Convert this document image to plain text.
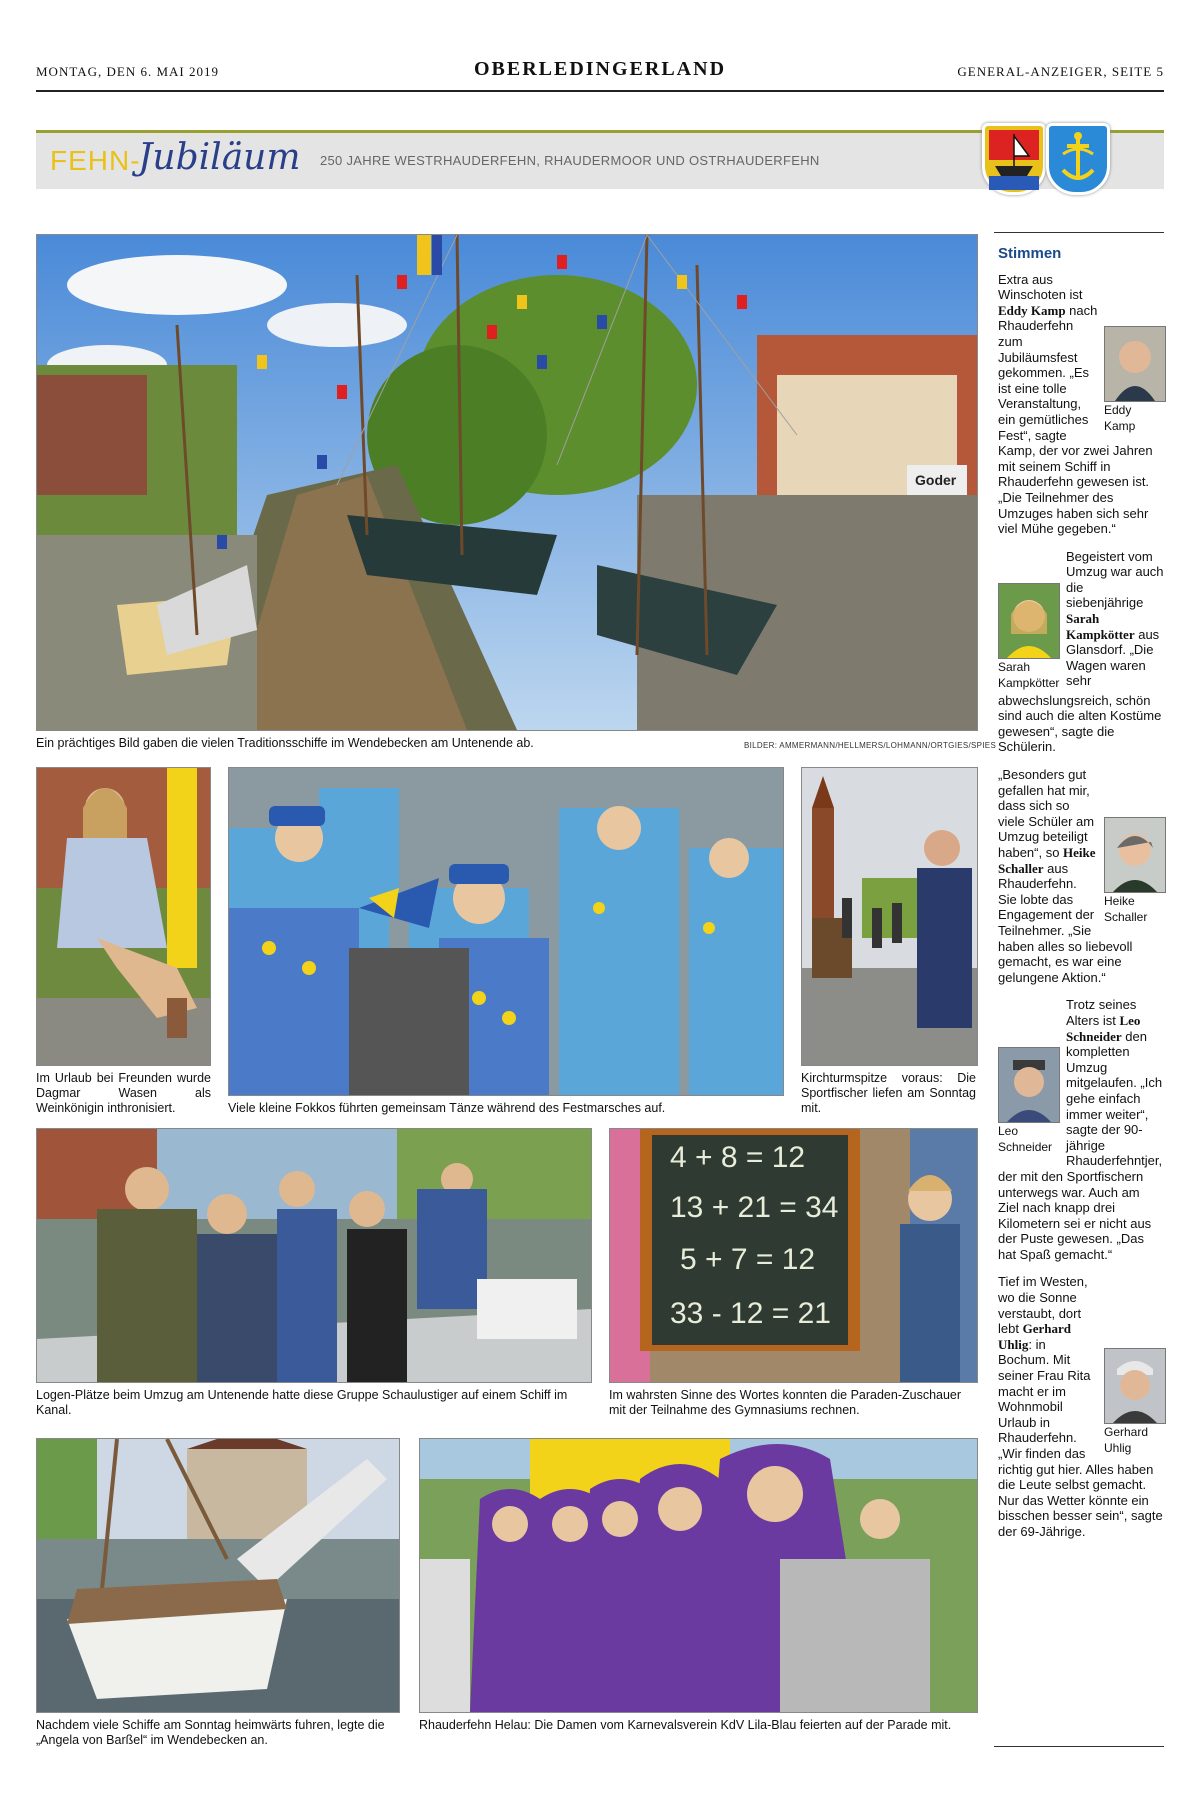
MONTAG, DEN 6. MAI 2019	OBERLEDINGERLAND	GENERAL-ANZEIGER, SEITE 5
FEHN-
Jubiläum 250 JAHRE WESTRHAUDERFEHN, RHAUDERMOOR UND OSTRHAUDERFEHN
Goder
Ein prächtiges Bild gaben die vielen Traditionsschiffe im Wendebecken am Untenende ab.	BILDER: AMMERMANN/HELLMERS/LOHMANN/ORTGIES/SPIES
Im Urlaub bei Freunden wurde Dagmar Wasen als Weinkönigin inthronisiert.	Viele kleine Fokkos führten gemeinsam Tänze während des Festmarsches auf.
Kirchturmspitze voraus: Die Sportfischer liefen am Sonntag mit.
Logen-Plätze beim Umzug am Untenende hatte diese Gruppe Schaulustiger auf einem Schiff im Kanal.
4 + 8 = 12
13 + 21 = 34
5 + 7 = 12
33 - 12 = 21
Im wahrsten Sinne des Wortes konnten die Paraden-Zuschauer mit der Teilnahme des Gymnasiums rechnen.
Nachdem viele Schiffe am Sonntag heimwärts fuhren, legte die „Angela von Barßel“ im Wendebecken an.
Rhauderfehn Helau: Die Damen vom Karnevalsverein KdV Lila-Blau feierten auf der Parade mit.
Stimmen

Eddy Kamp
Extra aus Winschoten ist Eddy Kamp nach Rhauderfehn zum Jubiläumsfest gekommen. „Es ist eine tolle Veranstaltung, ein gemütliches Fest“, sagte Kamp, der vor zwei Jahren mit seinem Schiff in Rhauderfehn gewesen ist. „Die Teilnehmer des Umzuges haben sich sehr viel Mühe gegeben.“

Sarah Kampkötter
Begeistert vom Umzug war auch die siebenjährige Sarah Kampkötter aus Glansdorf. „Die Wagen waren sehr abwechslungsreich, schön sind auch die alten Kostüme gewesen“, sagte die Schülerin.

Heike Schaller
„Besonders gut gefallen hat mir, dass sich so viele Schüler am Umzug beteiligt haben“, so Heike Schaller aus Rhauderfehn. Sie lobte das Engagement der Teilnehmer. „Sie haben alles so liebevoll gemacht, es war eine gelungene Aktion.“

Leo Schneider
Trotz seines Alters ist Leo Schneider den kompletten Umzug mitgelaufen. „Ich gehe einfach immer weiter“, sagte der 90-jährige Rhauderfehntjer, der mit den Sportfischern unterwegs war. Auch am Ziel nach knapp drei Kilometern sei er nicht aus der Puste gewesen. „Das hat Spaß gemacht.“

Gerhard Uhlig
Tief im Westen, wo die Sonne verstaubt, dort lebt Gerhard Uhlig: in Bochum. Mit seiner Frau Rita macht er im Wohnmobil Urlaub in Rhauderfehn. „Wir finden das richtig gut hier. Alles haben die Leute selbst gemacht. Nur das Wetter könnte ein bisschen besser sein“, sagte der 69-Jährige.
